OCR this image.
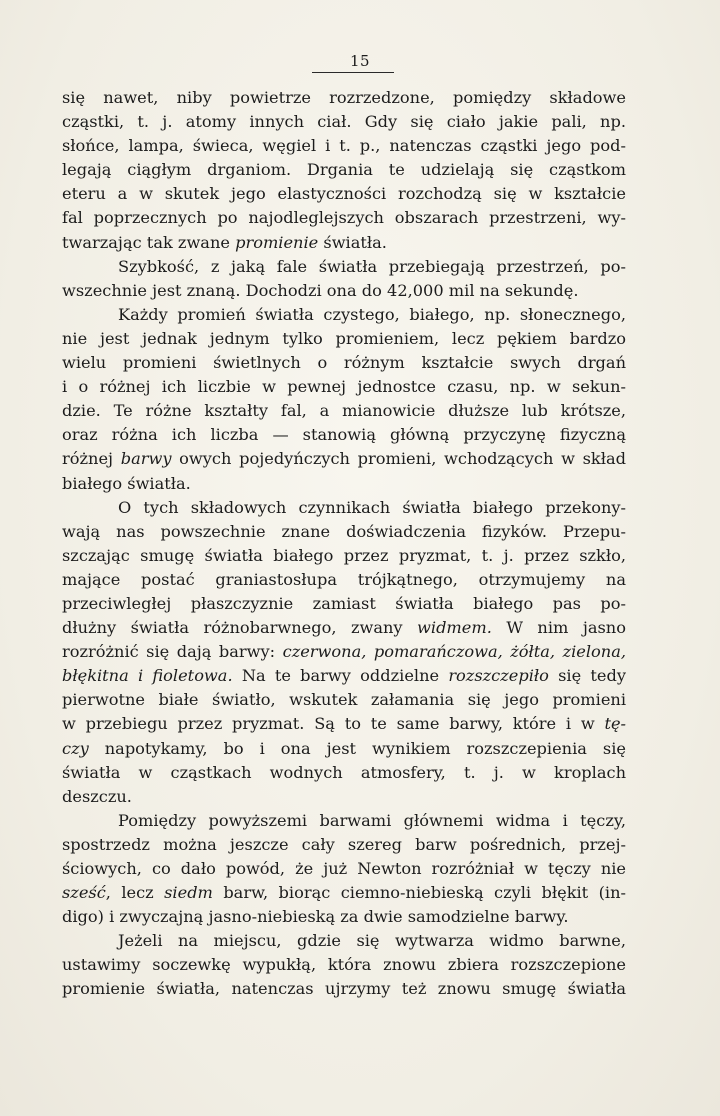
15

się nawet, niby powietrze rozrzedzone, pomiędzy składowe
cząstki, t. j. atomy innych ciał. Gdy się ciało jakie pali, np.
słońce, lampa, świeca, węgiel i t. p., natenczas cząstki jego pod-
legają ciągłym drganiom. Drgania te udzielają się cząstkom
eteru a w skutek jego elastyczności rozchodzą się w kształcie
fal poprzecznych po najodleglejszych obszarach przestrzeni, wy-
twarzając tak zwane promienie światła.

Szybkość, z jaką fale światła przebiegają przestrzeń, po-
wszechnie jest znaną. Dochodzi ona do 42,000 mil na sekundę.

Każdy promień światła czystego, białego, np. słonecznego,
nie jest jednak jednym tylko promieniem, lecz pękiem bardzo
wielu promieni świetlnych o różnym kształcie swych drgań
i o różnej ich liczbie w pewnej jednostce czasu, np. w sekun-
dzie. Te różne kształty fal, a mianowicie dłuższe lub krótsze,
oraz różna ich liczba — stanowią główną przyczynę fizyczną
różnej barwy owych pojedyńczych promieni, wchodzących w skład
białego światła.

O tych składowych czynnikach światła białego przekony-
wają nas powszechnie znane doświadczenia fizyków. Przepu-
szczając smugę światła białego przez pryzmat, t. j. przez szkło,
mające postać graniastosłupa trójkątnego, otrzymujemy na
przeciwległej płaszczyznie zamiast światła białego pas po-
dłużny światła różnobarwnego, zwany widmem. W nim jasno
rozróżnić się dają barwy: czerwona, pomarańczowa, żółta, zielona,
błękitna i fioletowa. Na te barwy oddzielne rozszczepiło się tedy
pierwotne białe światło, wskutek załamania się jego promieni
w przebiegu przez pryzmat. Są to te same barwy, które i w tę-
czy napotykamy, bo i ona jest wynikiem rozszczepienia się
światła w cząstkach wodnych atmosfery, t. j. w kroplach
deszczu.

Pomiędzy powyższemi barwami głównemi widma i tęczy,
spostrzedz można jeszcze cały szereg barw pośrednich, przej-
ściowych, co dało powód, że już Newton rozróżniał w tęczy nie
sześć, lecz siedm barw, biorąc ciemno-niebieską czyli błękit (in-
digo) i zwyczajną jasno-niebieską za dwie samodzielne barwy.

Jeżeli na miejscu, gdzie się wytwarza widmo barwne,
ustawimy soczewkę wypukłą, która znowu zbiera rozszczepione
promienie światła, natenczas ujrzymy też znowu smugę światła
